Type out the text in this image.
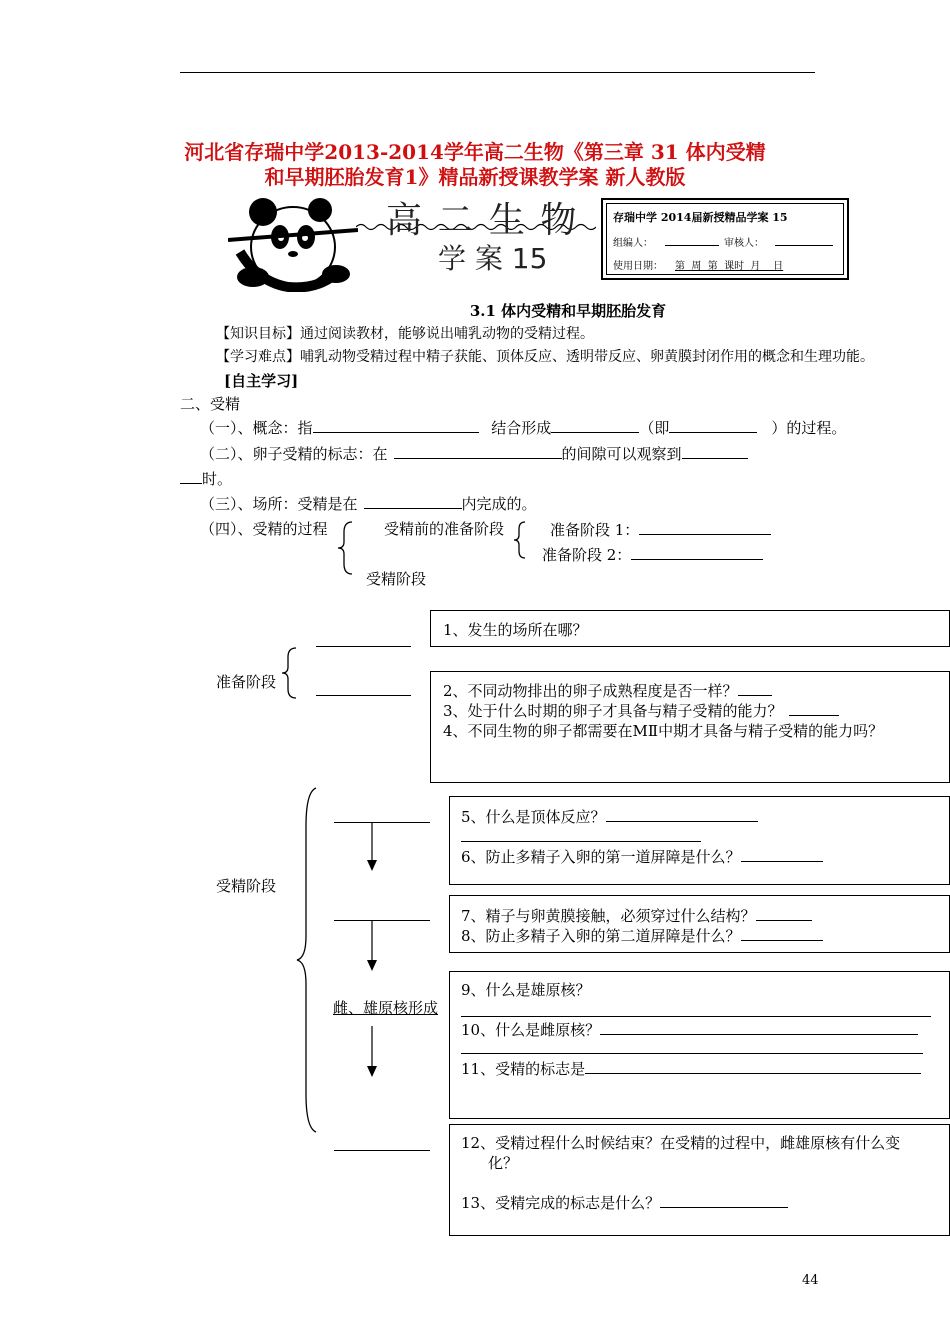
河北省存瑞中学2013-2014学年高二生物《第三章 31 体内受精
和早期胚胎发育1》精品新授课教学案 新人教版
高 二 生 物
学 案 15
存瑞中学 2014届新授精品学案 15
组编人：	审核人：
使用日期： 第  周  第  课时  月    日
3.1 体内受精和早期胚胎发育
【知识目标】通过阅读教材，能够说出哺乳动物的受精过程。
【学习难点】哺乳动物受精过程中精子获能、顶体反应、透明带反应、卵黄膜封闭作用的概念和生理功能。
[自主学习]
二、受精
（一）、概念：指	结合形成	（即	）的过程。
（二）、卵子受精的标志：在	的间隙可以观察到
时。
（三）、场所：受精是在	内完成的。
（四）、受精的过程	受精前的准备阶段	准备阶段 1：
准备阶段 2：
受精阶段
准备阶段
1、发生的场所在哪？
2、不同动物排出的卵子成熟程度是否一样？
3、处于什么时期的卵子才具备与精子受精的能力？
4、不同生物的卵子都需要在MⅡ中期才具备与精子受精的能力吗？
受精阶段
雌、雄原核形成
5、什么是顶体反应？
6、防止多精子入卵的第一道屏障是什么？
7、精子与卵黄膜接触，必须穿过什么结构？
8、防止多精子入卵的第二道屏障是什么？
9、什么是雄原核？
10、什么是雌原核？
11、受精的标志是
12、受精过程什么时候结束？在受精的过程中，雌雄原核有什么变
化？
13、受精完成的标志是什么？
44
